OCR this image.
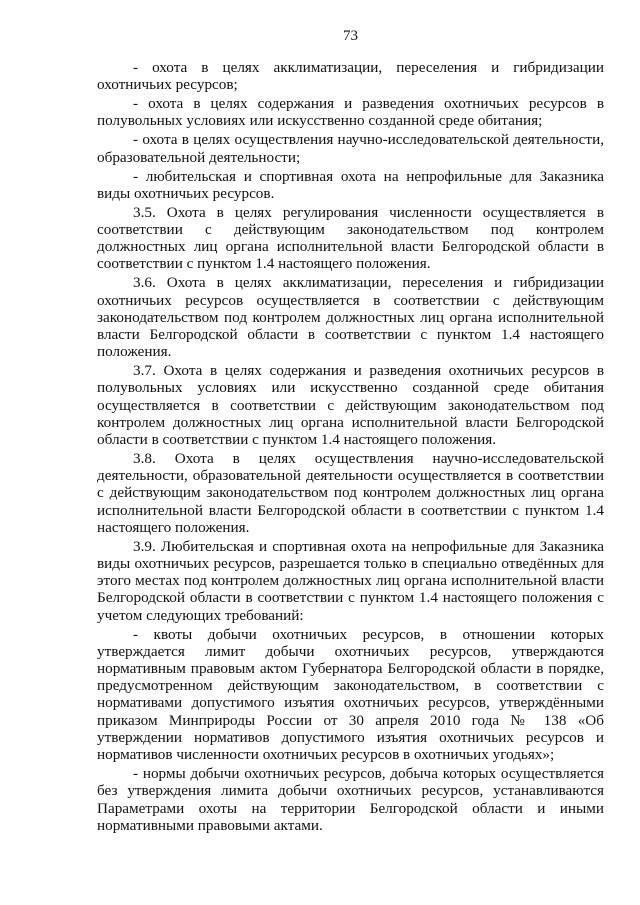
73

- охота в целях акклиматизации, переселения и гибридизации охотничьих ресурсов;

- охота в целях содержания и разведения охотничьих ресурсов в полувольных условиях или искусственно созданной среде обитания;

- охота в целях осуществления научно-исследовательской деятельности, образовательной деятельности;

- любительская и спортивная охота на непрофильные для Заказника виды охотничьих ресурсов.

3.5. Охота в целях регулирования численности осуществляется в соответствии с действующим законодательством под контролем должностных лиц органа исполнительной власти Белгородской области в соответствии с пунктом 1.4 настоящего положения.

3.6. Охота в целях акклиматизации, переселения и гибридизации охотничьих ресурсов осуществляется в соответствии с действующим законодательством под контролем должностных лиц органа исполнительной власти Белгородской области в соответствии с пунктом 1.4 настоящего положения.

3.7. Охота в целях содержания и разведения охотничьих ресурсов в полувольных условиях или искусственно созданной среде обитания осуществляется в соответствии с действующим законодательством под контролем должностных лиц органа исполнительной власти Белгородской области в соответствии с пунктом 1.4 настоящего положения.

3.8. Охота в целях осуществления научно-исследовательской деятельности, образовательной деятельности осуществляется в соответствии с действующим законодательством под контролем должностных лиц органа исполнительной власти Белгородской области в соответствии с пунктом 1.4 настоящего положения.

3.9. Любительская и спортивная охота на непрофильные для Заказника виды охотничьих ресурсов, разрешается только в специально отведённых для этого местах под контролем должностных лиц органа исполнительной власти Белгородской области в соответствии с пунктом 1.4 настоящего положения с учетом следующих требований:

- квоты добычи охотничьих ресурсов, в отношении которых утверждается лимит добычи охотничьих ресурсов, утверждаются нормативным правовым актом Губернатора Белгородской области в порядке, предусмотренном действующим законодательством, в соответствии с нормативами допустимого изъятия охотничьих ресурсов, утверждёнными приказом Минприроды России от 30 апреля 2010 года № 138 «Об утверждении нормативов допустимого изъятия охотничьих ресурсов и нормативов численности охотничьих ресурсов в охотничьих угодьях»;

- нормы добычи охотничьих ресурсов, добыча которых осуществляется без утверждения лимита добычи охотничьих ресурсов, устанавливаются Параметрами охоты на территории Белгородской области и иными нормативными правовыми актами.
